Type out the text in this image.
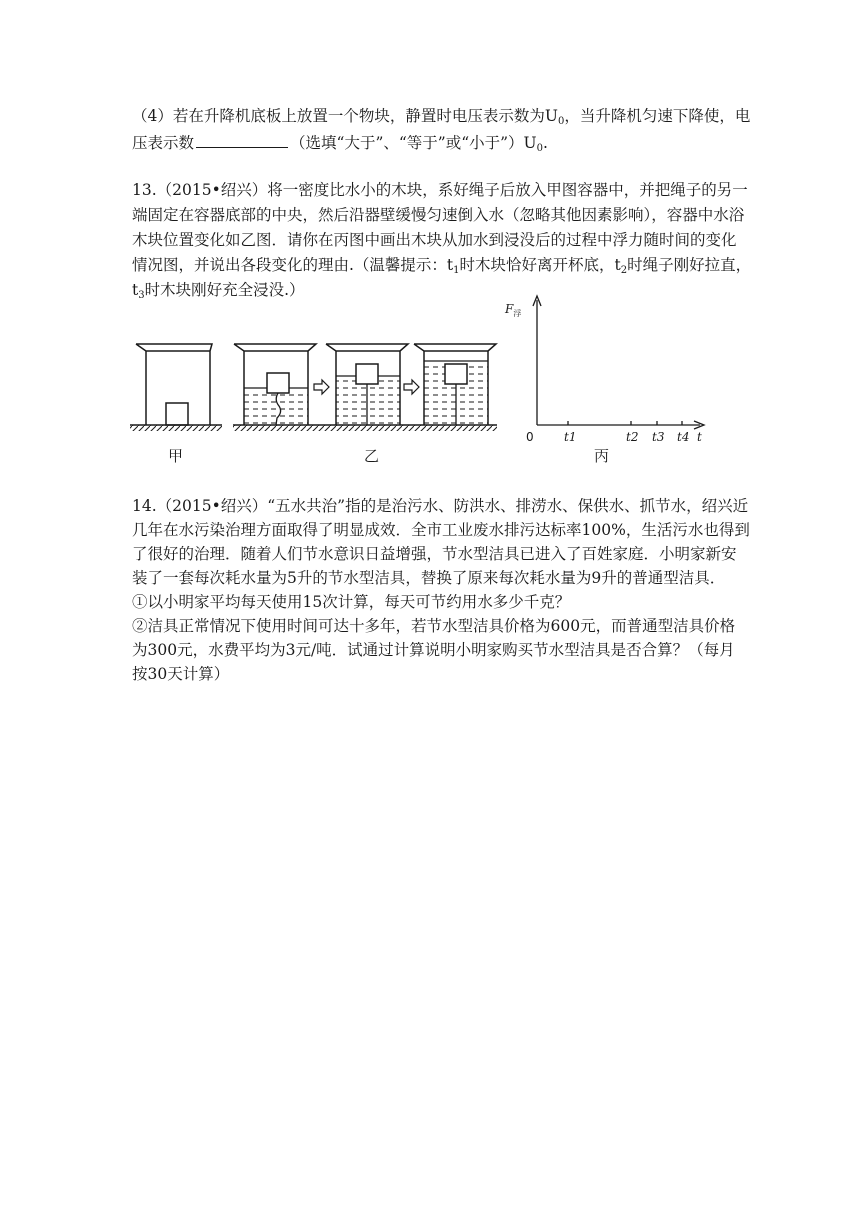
（4）若在升降机底板上放置一个物块，静置时电压表示数为$U_0$，当升降机匀速下降使，电
压表示数	（选填“大于”、“等于”或“小于$”)U_0$.
13.（2015•绍兴）将一密度比水小的木块，系好绳子后放入甲图容器中，并把绳子的另一
端固定在容器底部的中央，然后沿器壁缓慢匀速倒入水（忽略其他因素影响），容器中水浴
木块位置变化如乙图．请你在丙图中画出木块从加水到浸没后的过程中浮力随时间的变化
情况图，并说出各段变化的理由.（温馨提示：$t_1$时木块恰好离开杯底，$t_2$时绳子刚好拉直，
$t_3$时木块刚好充全浸没.）
$F_浮$
t
t1	t2 t3 t4
0
甲	乙	丙
14.（2015•绍兴）“五水共治”指的是治污水、防洪水、排涝水、保供水、抓节水，绍兴近
几年在水污染治理方面取得了明显成效．全市工业废水排污达标率100%，生活污水也得到
了很好的治理．随着人们节水意识日益增强，节水型洁具已进入了百姓家庭．小明家新安
装了一套每次耗水量为5升的节水型洁具，替换了原来每次耗水量为9升的普通型洁具．
①以小明家平均每天使用15次计算，每天可节约用水多少千克？
②洁具正常情况下使用时间可达十多年，若节水型洁具价格为600元，而普通型洁具价格
为300元，水费平均为3元/吨．试通过计算说明小明家购买节水型洁具是否合算？（每月
按30天计算）
